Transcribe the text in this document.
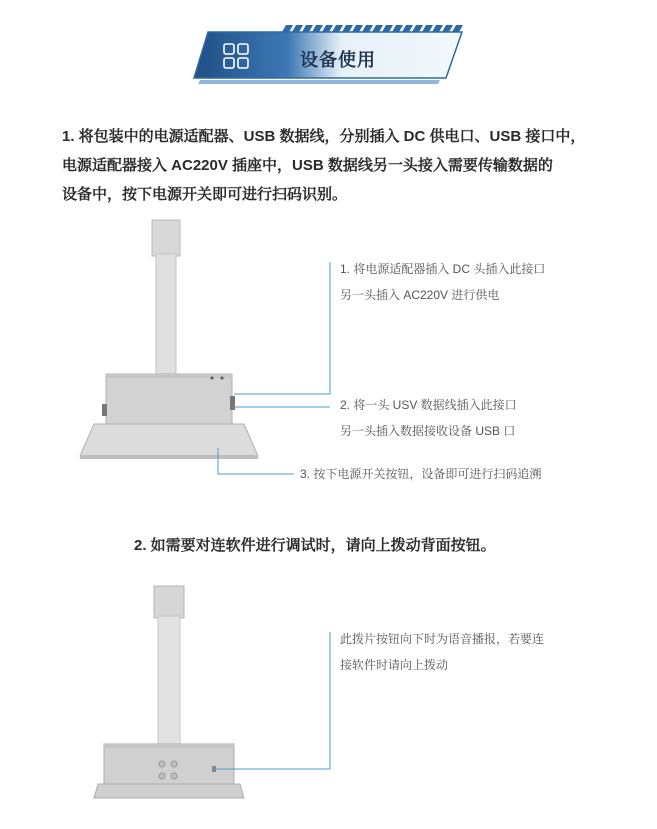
设备使用

1. 将包装中的电源适配器、USB 数据线，分别插入 DC 供电口、USB 接口中，
电源适配器接入 AC220V 插座中，USB 数据线另一头接入需要传输数据的
设备中，按下电源开关即可进行扫码识别。

1. 将电源适配器插入 DC 头插入此接口
另一头插入 AC220V 进行供电
2. 将一头 USV 数据线插入此接口
另一头插入数据接收设备 USB 口
3. 按下电源开关按钮，设备即可进行扫码追溯
2. 如需要对连软件进行调试时，请向上拨动背面按钮。
此拨片按钮向下时为语音播报，若要连
接软件时请向上拨动
